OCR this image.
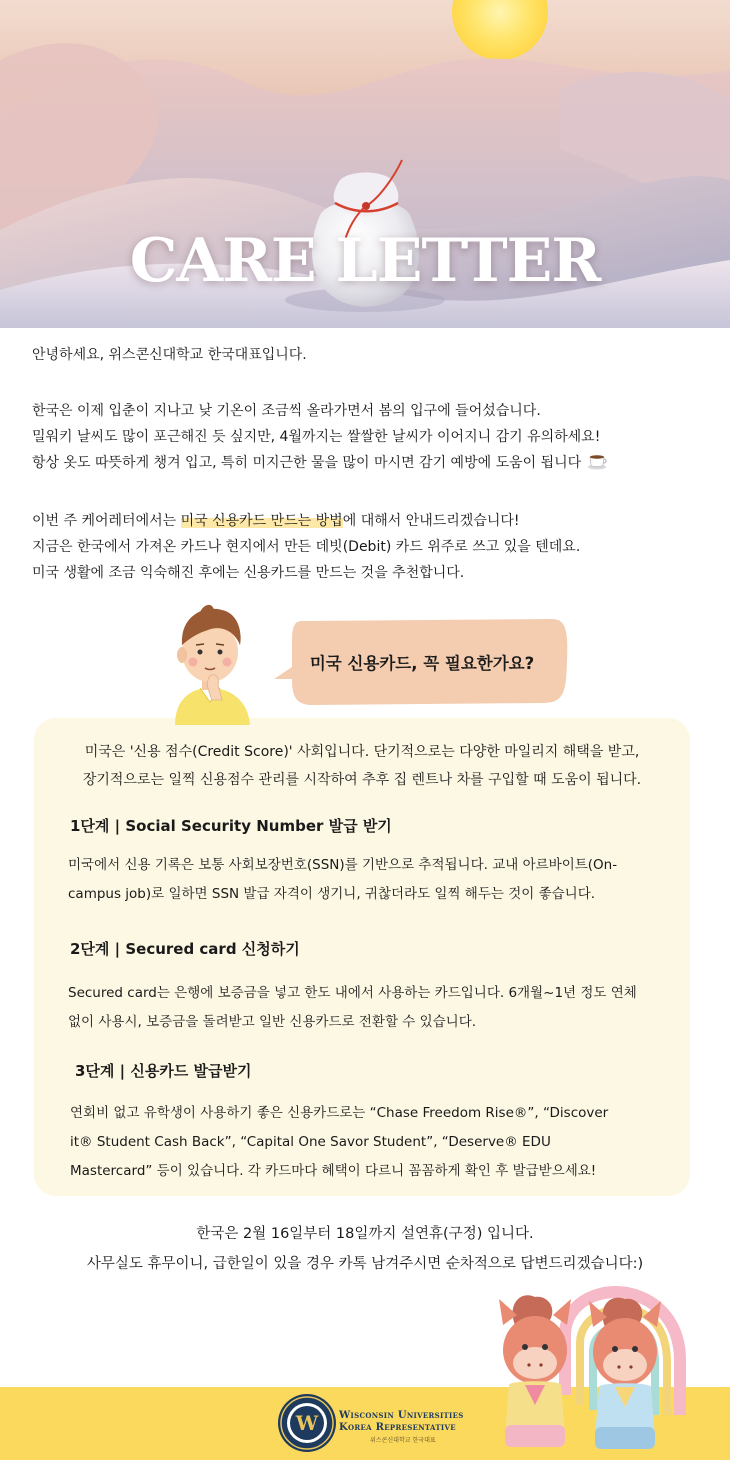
CARE LETTER
안녕하세요, 위스콘신대학교 한국대표입니다.
한국은 이제 입춘이 지나고 낮 기온이 조금씩 올라가면서 봄의 입구에 들어섰습니다.
밀워키 날씨도 많이 포근해진 듯 싶지만, 4월까지는 쌀쌀한 날씨가 이어지니 감기 유의하세요!
항상 옷도 따뜻하게 챙겨 입고, 특히 미지근한 물을 많이 마시면 감기 예방에 도움이 됩니다
이번 주 케어레터에서는 미국 신용카드 만드는 방법에 대해서 안내드리겠습니다!
지금은 한국에서 가져온 카드나 현지에서 만든 데빗(Debit) 카드 위주로 쓰고 있을 텐데요.
미국 생활에 조금 익숙해진 후에는 신용카드를 만드는 것을 추천합니다.
미국 신용카드, 꼭 필요한가요?
미국은 '신용 점수(Credit Score)' 사회입니다. 단기적으로는 다양한 마일리지 해택을 받고,
장기적으로는 일찍 신용점수 관리를 시작하여 추후 집 렌트나 차를 구입할 때 도움이 됩니다.
1단계 | Social Security Number 발급 받기
미국에서 신용 기록은 보통 사회보장번호(SSN)를 기반으로 추적됩니다. 교내 아르바이트(On-
campus job)로 일하면 SSN 발급 자격이 생기니, 귀찮더라도 일찍 해두는 것이 좋습니다.
2단계 | Secured card 신청하기
Secured card는 은행에 보증금을 넣고 한도 내에서 사용하는 카드입니다. 6개월~1년 정도 연체
없이 사용시, 보증금을 돌려받고 일반 신용카드로 전환할 수 있습니다.
3단계 | 신용카드 발급받기
연회비 없고 유학생이 사용하기 좋은 신용카드로는 “Chase Freedom Rise®”, “Discover
it® Student Cash Back”, “Capital One Savor Student”, “Deserve® EDU
Mastercard” 등이 있습니다. 각 카드마다 혜택이 다르니 꼼꼼하게 확인 후 발급받으세요!
한국은 2월 16일부터 18일까지 설연휴(구정) 입니다.
사무실도 휴무이니, 급한일이 있을 경우 카톡 남겨주시면 순차적으로 답변드리겠습니다:)
W Wisconsin Universities
Korea Representative
위스콘신대학교 한국대표
